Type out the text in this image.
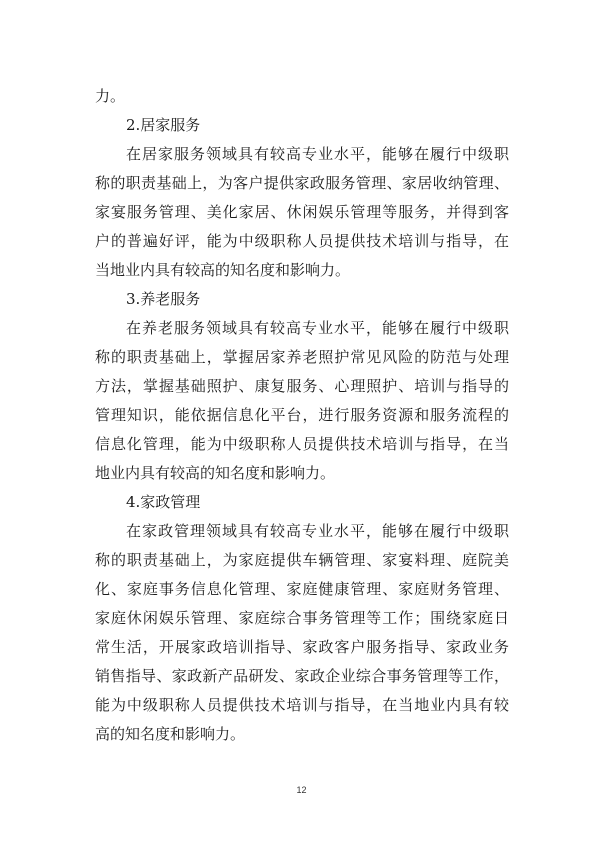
力。
2.居家服务
在居家服务领域具有较高专业水平，能够在履行中级职
称的职责基础上，为客户提供家政服务管理、家居收纳管理、
家宴服务管理、美化家居、休闲娱乐管理等服务，并得到客
户的普遍好评，能为中级职称人员提供技术培训与指导，在
当地业内具有较高的知名度和影响力。
3.养老服务
在养老服务领域具有较高专业水平，能够在履行中级职
称的职责基础上，掌握居家养老照护常见风险的防范与处理
方法，掌握基础照护、康复服务、心理照护、培训与指导的
管理知识，能依据信息化平台，进行服务资源和服务流程的
信息化管理，能为中级职称人员提供技术培训与指导，在当
地业内具有较高的知名度和影响力。
4.家政管理
在家政管理领域具有较高专业水平，能够在履行中级职
称的职责基础上，为家庭提供车辆管理、家宴料理、庭院美
化、家庭事务信息化管理、家庭健康管理、家庭财务管理、
家庭休闲娱乐管理、家庭综合事务管理等工作；围绕家庭日
常生活，开展家政培训指导、家政客户服务指导、家政业务
销售指导、家政新产品研发、家政企业综合事务管理等工作，
能为中级职称人员提供技术培训与指导，在当地业内具有较
高的知名度和影响力。
12
